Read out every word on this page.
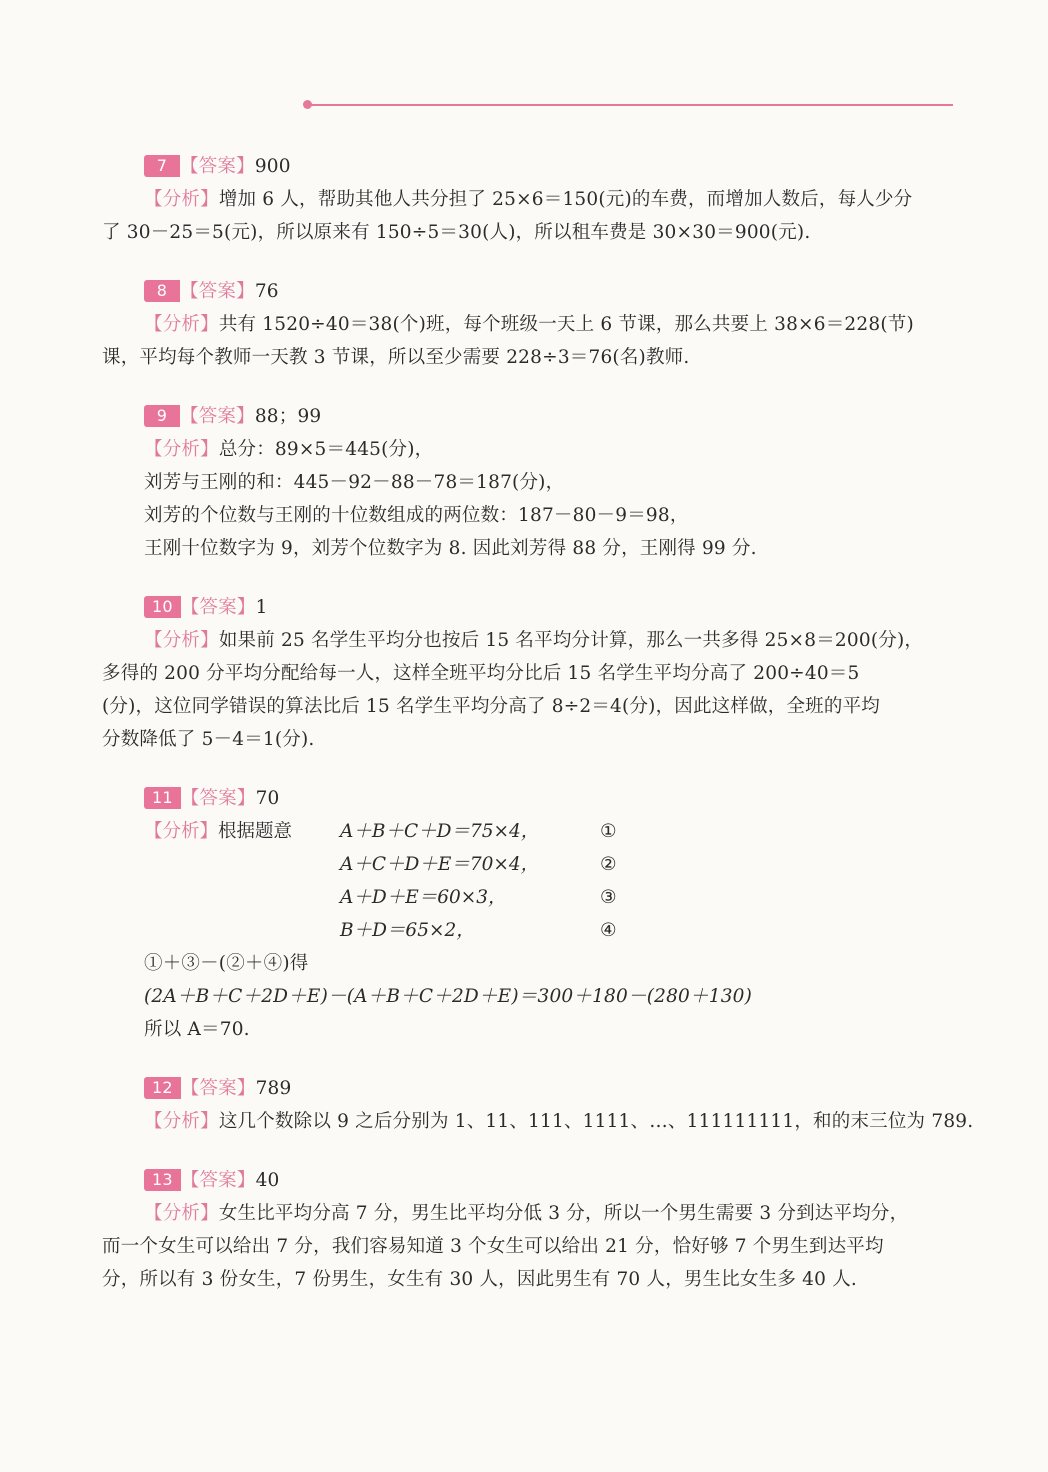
7 【答案】900
【分析】增加 6 人，帮助其他人共分担了 25×6＝150(元)的车费，而增加人数后，每人少分
了 30－25＝5(元)，所以原来有 150÷5＝30(人)，所以租车费是 30×30＝900(元).
8 【答案】76
【分析】共有 1520÷40＝38(个)班，每个班级一天上 6 节课，那么共要上 38×6＝228(节)
课，平均每个教师一天教 3 节课，所以至少需要 228÷3＝76(名)教师.
9 【答案】88；99
【分析】总分：89×5＝445(分)，
刘芳与王刚的和：445－92－88－78＝187(分)，
刘芳的个位数与王刚的十位数组成的两位数：187－80－9＝98，
王刚十位数字为 9，刘芳个位数字为 8. 因此刘芳得 88 分，王刚得 99 分.
10 【答案】1
【分析】如果前 25 名学生平均分也按后 15 名平均分计算，那么一共多得 25×8＝200(分)，
多得的 200 分平均分配给每一人，这样全班平均分比后 15 名学生平均分高了 200÷40＝5
(分)，这位同学错误的算法比后 15 名学生平均分高了 8÷2＝4(分)，因此这样做，全班的平均
分数降低了 5－4＝1(分).
11 【答案】70
【分析】根据题意	A＋B＋C＋D＝75×4，	①
A＋C＋D＋E＝70×4，	②
A＋D＋E＝60×3，	③
B＋D＝65×2，	④
①＋③－(②＋④)得
(2A＋B＋C＋2D＋E)－(A＋B＋C＋2D＋E)＝300＋180－(280＋130)
所以 A＝70.
12 【答案】789
【分析】这几个数除以 9 之后分别为 1、11、111、1111、…、111111111，和的末三位为 789.
13 【答案】40
【分析】女生比平均分高 7 分，男生比平均分低 3 分，所以一个男生需要 3 分到达平均分，
而一个女生可以给出 7 分，我们容易知道 3 个女生可以给出 21 分，恰好够 7 个男生到达平均
分，所以有 3 份女生，7 份男生，女生有 30 人，因此男生有 70 人，男生比女生多 40 人.
